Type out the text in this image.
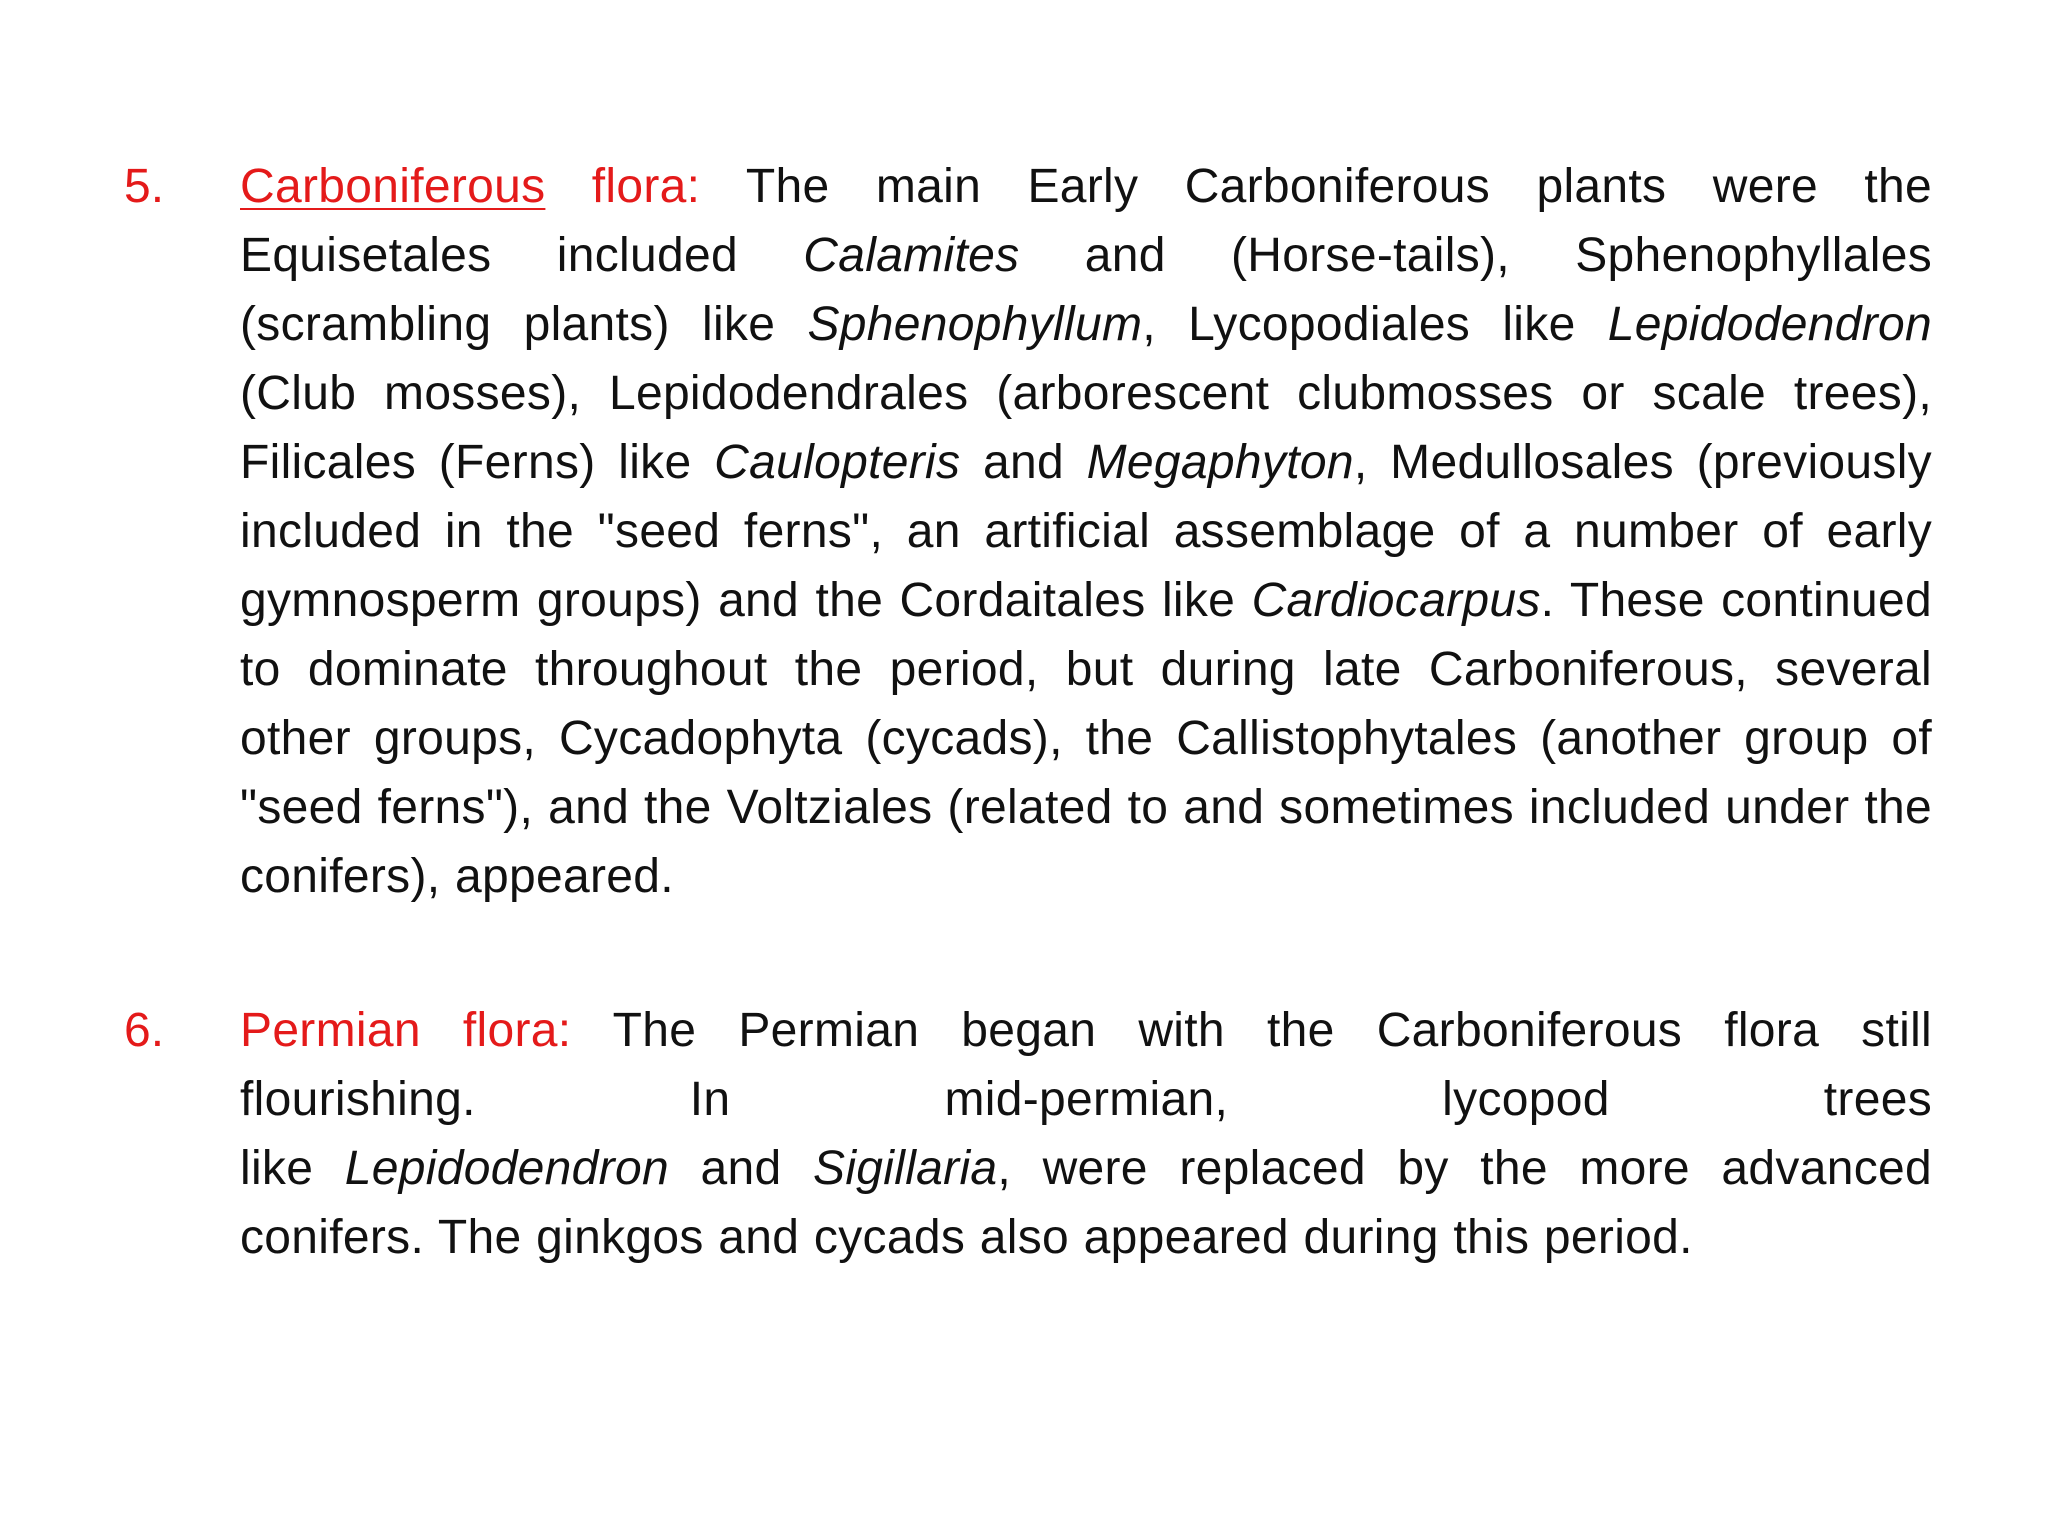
5. Carboniferous flora: The main Early Carboniferous plants were the Equisetales included Calamites and (Horse-tails), Sphenophyllales (scrambling plants) like Sphenophyllum, Lycopodiales like Lepidodendron (Club mosses), Lepidodendrales (arborescent clubmosses or scale trees), Filicales (Ferns) like Caulopteris and Megaphyton, Medullosales (previously included in the "seed ferns", an artificial assemblage of a number of early gymnosperm groups) and the Cordaitales like Cardiocarpus. These continued to dominate throughout the period, but during late Carboniferous, several other groups, Cycadophyta (cycads), the Callistophytales (another group of "seed ferns"), and the Voltziales (related to and sometimes included under the conifers), appeared.
6. Permian flora: The Permian began with the Carboniferous flora still flourishing. In mid-permian, lycopod trees
like Lepidodendron and Sigillaria, were replaced by the more advanced conifers. The ginkgos and cycads also appeared during this period.
